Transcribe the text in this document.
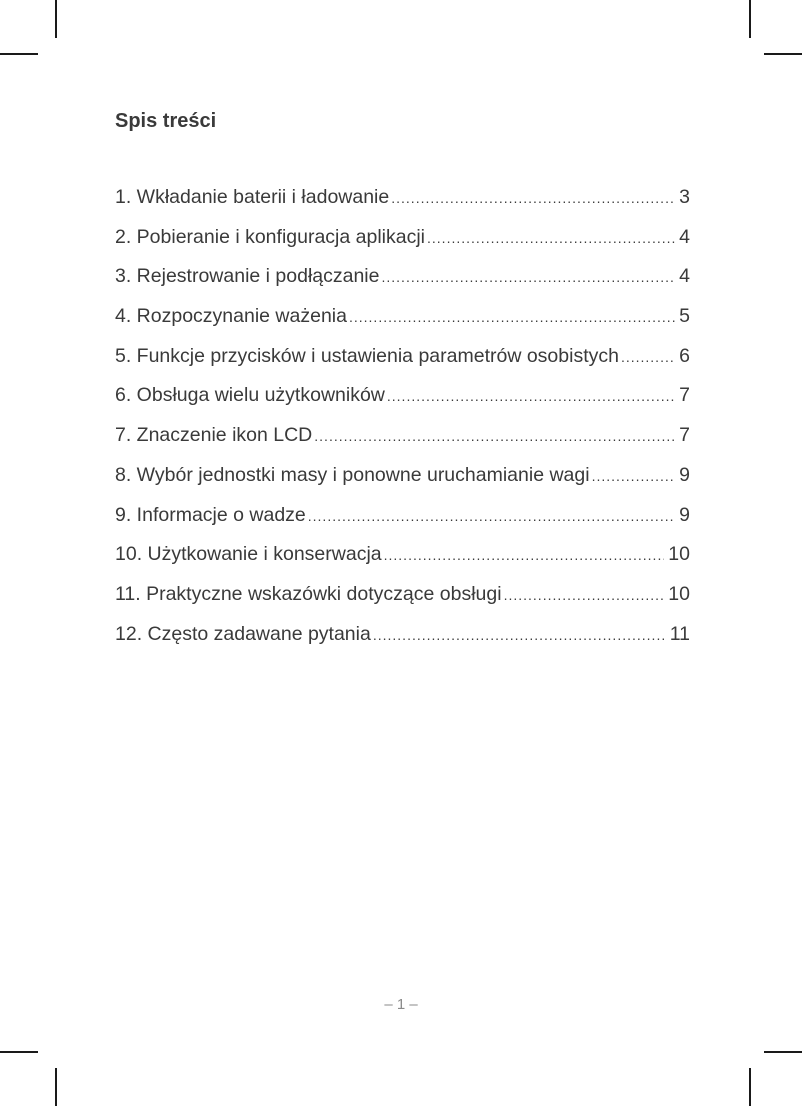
Spis treści
1. Wkładanie baterii i ładowanie .....	3
2. Pobieranie i konfiguracja aplikacji .....	4
3. Rejestrowanie i podłączanie .....	4
4. Rozpoczynanie ważenia .....	5
5. Funkcje przycisków i ustawienia parametrów osobistych .....	6
6. Obsługa wielu użytkowników .....	7
7. Znaczenie ikon LCD .....	7
8. Wybór jednostki masy i ponowne uruchamianie wagi .....	9
9. Informacje o wadze .....	9
10. Użytkowanie i konserwacja .....	10
11. Praktyczne wskazówki dotyczące obsługi .....	10
12. Często zadawane pytania .....	11
– 1 –
